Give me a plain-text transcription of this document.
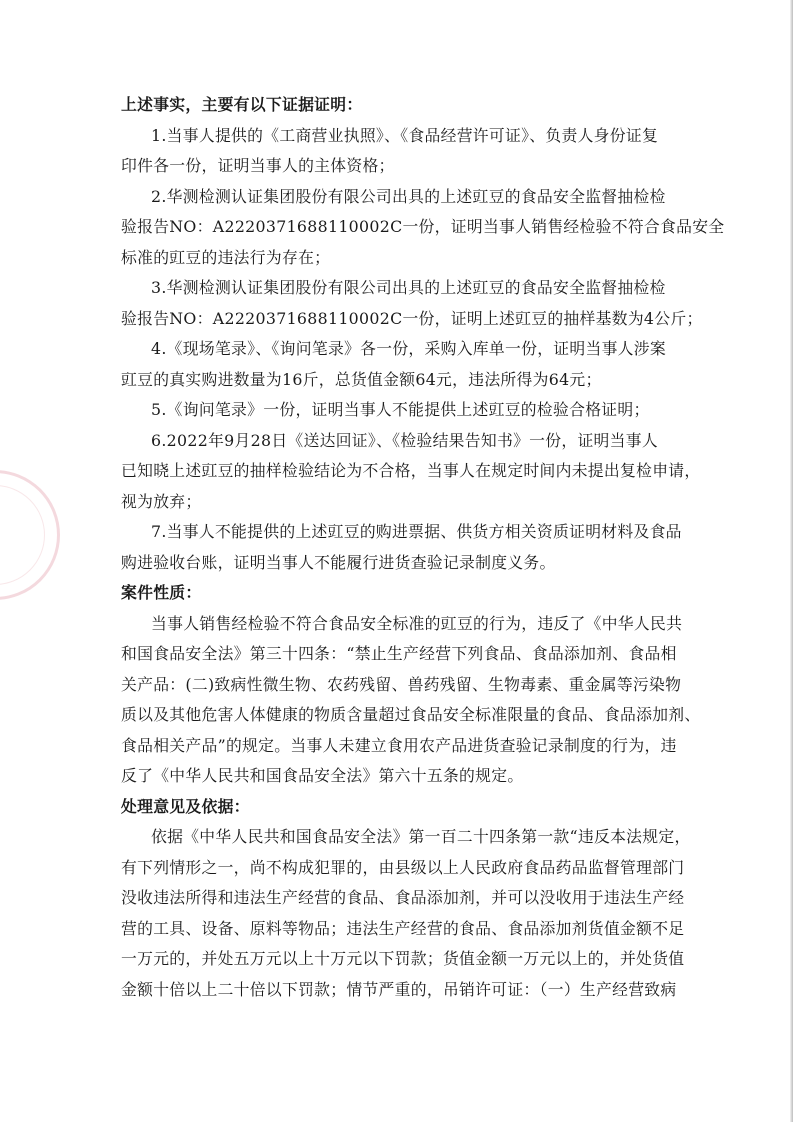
上述事实，主要有以下证据证明：
1.当事人提供的《工商营业执照》、《食品经营许可证》、负责人身份证复
印件各一份，证明当事人的主体资格；
2.华测检测认证集团股份有限公司出具的上述豇豆的食品安全监督抽检检
验报告NO：A2220371688110002C一份，证明当事人销售经检验不符合食品安全
标准的豇豆的违法行为存在；
3.华测检测认证集团股份有限公司出具的上述豇豆的食品安全监督抽检检
验报告NO：A2220371688110002C一份，证明上述豇豆的抽样基数为4公斤；
4.《现场笔录》、《询问笔录》各一份，采购入库单一份，证明当事人涉案
豇豆的真实购进数量为16斤，总货值金额64元，违法所得为64元；
5.《询问笔录》一份，证明当事人不能提供上述豇豆的检验合格证明；
6.2022年9月28日《送达回证》、《检验结果告知书》一份，证明当事人
已知晓上述豇豆的抽样检验结论为不合格，当事人在规定时间内未提出复检申请，
视为放弃；
7.当事人不能提供的上述豇豆的购进票据、供货方相关资质证明材料及食品
购进验收台账，证明当事人不能履行进货查验记录制度义务。
案件性质：
当事人销售经检验不符合食品安全标准的豇豆的行为，违反了《中华人民共
和国食品安全法》第三十四条：“禁止生产经营下列食品、食品添加剂、食品相
关产品：(二)致病性微生物、农药残留、兽药残留、生物毒素、重金属等污染物
质以及其他危害人体健康的物质含量超过食品安全标准限量的食品、食品添加剂、
食品相关产品”的规定。当事人未建立食用农产品进货查验记录制度的行为，违
反了《中华人民共和国食品安全法》第六十五条的规定。
处理意见及依据：
依据《中华人民共和国食品安全法》第一百二十四条第一款“违反本法规定，
有下列情形之一，尚不构成犯罪的，由县级以上人民政府食品药品监督管理部门
没收违法所得和违法生产经营的食品、食品添加剂，并可以没收用于违法生产经
营的工具、设备、原料等物品；违法生产经营的食品、食品添加剂货值金额不足
一万元的，并处五万元以上十万元以下罚款；货值金额一万元以上的，并处货值
金额十倍以上二十倍以下罚款；情节严重的，吊销许可证：（一）生产经营致病
